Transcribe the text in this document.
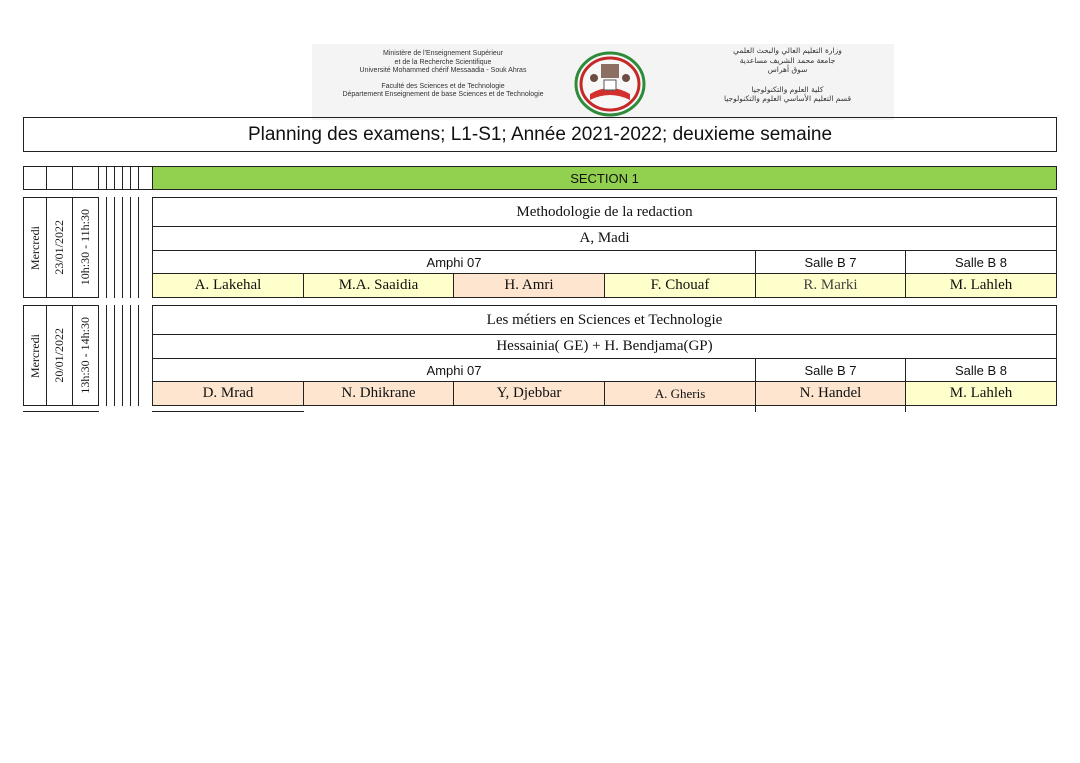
Ministère de l'Enseignement Supérieur
et de la Recherche Scientifique
Université Mohammed chérif Messaadia - Souk Ahras
Faculté des Sciences et de Technologie
Département Enseignement de base Sciences et de Technologie
وزارة التعليم العالي والبحث العلمي
جامعة محمد الشريف مساعدية
سوق أهراس
كلية العلوم والتكنولوجيا
قسم التعليم الأساسي العلوم والتكنولوجيا
Planning des examens; L1-S1; Année 2021-2022; deuxieme semaine
SECTION 1
Mercredi 23/01/2022 10h:30 - 11h:30	Methodologie de la redaction
A, Madi
Amphi 07	Salle B 7	Salle B 8
A. Lakehal	M.A. Saaidia	H. Amri	F. Chouaf	R. Marki	M. Lahleh
Mercredi 20/01/2022 13h:30 - 14h:30	Les métiers en Sciences et Technologie
Hessainia( GE) + H. Bendjama(GP)
Amphi 07	Salle B 7	Salle B 8
D. Mrad	N. Dhikrane	Y, Djebbar	A. Gheris	N. Handel	M. Lahleh
